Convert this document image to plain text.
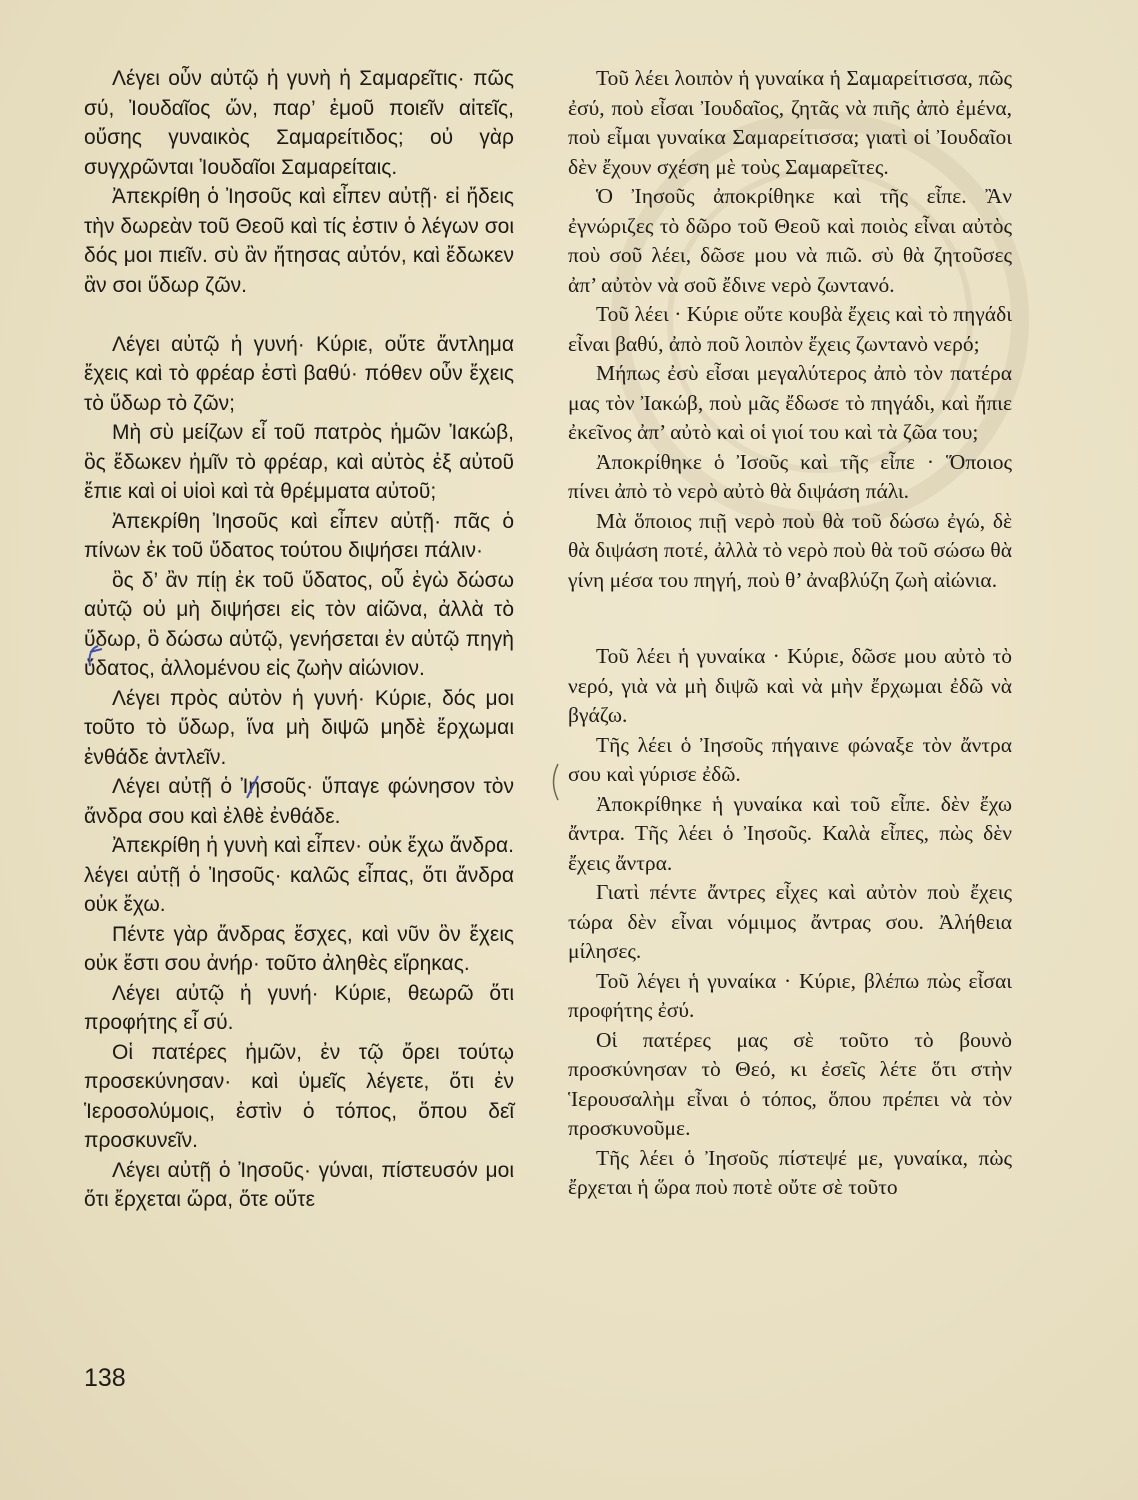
Λέγει οὖν αὐτῷ ἡ γυνὴ ἡ Σαμαρεῖτις· πῶς σύ, Ἰουδαῖος ὤν, παρ’ ἐμοῦ ποιεῖν αἰτεῖς, οὔσης γυναικὸς Σαμαρείτιδος; οὐ γὰρ συγχρῶνται Ἰουδαῖοι Σαμαρείταις.

Ἀπεκρίθη ὁ Ἰησοῦς καὶ εἶπεν αὐτῇ· εἰ ἤδεις τὴν δωρεὰν τοῦ Θεοῦ καὶ τίς ἐστιν ὁ λέγων σοι δός μοι πιεῖν. σὺ ἂν ἤτησας αὐτόν, καὶ ἔδωκεν ἂν σοι ὕδωρ ζῶν.

Λέγει αὐτῷ ἡ γυνή· Κύριε, οὔτε ἄντλημα ἔχεις καὶ τὸ φρέαρ ἐστὶ βαθύ· πόθεν οὖν ἔχεις τὸ ὕδωρ τὸ ζῶν;

Μὴ σὺ μείζων εἶ τοῦ πατρὸς ἡμῶν Ἰακώβ, ὃς ἔδωκεν ἡμῖν τὸ φρέαρ, καὶ αὐτὸς ἐξ αὐτοῦ ἔπιε καὶ οἱ υἱοὶ καὶ τὰ θρέμματα αὐτοῦ;

Ἀπεκρίθη Ἰησοῦς καὶ εἶπεν αὐτῇ· πᾶς ὁ πίνων ἐκ τοῦ ὕδατος τούτου διψήσει πάλιν·

ὃς δ’ ἂν πίῃ ἐκ τοῦ ὕδατος, οὗ ἐγὼ δώσω αὐτῷ οὐ μὴ διψήσει εἰς τὸν αἰῶνα, ἀλλὰ τὸ ὕδωρ, ὃ δώσω αὐτῷ, γενήσεται ἐν αὐτῷ πηγὴ ὕδατος, ἀλλομένου εἰς ζωὴν αἰώνιον.

Λέγει πρὸς αὐτὸν ἡ γυνή· Κύριε, δός μοι τοῦτο τὸ ὕδωρ, ἵνα μὴ διψῶ μηδὲ ἔρχωμαι ἐνθάδε ἀντλεῖν.

Λέγει αὐτῇ ὁ Ἰησοῦς· ὕπαγε φώνησον τὸν ἄνδρα σου καὶ ἐλθὲ ἐνθάδε.

Ἀπεκρίθη ἡ γυνὴ καὶ εἶπεν· οὐκ ἔχω ἄνδρα. λέγει αὐτῇ ὁ Ἰησοῦς· καλῶς εἶπας, ὅτι ἄνδρα οὐκ ἔχω.

Πέντε γὰρ ἄνδρας ἔσχες, καὶ νῦν ὃν ἔχεις οὐκ ἔστι σου ἀνήρ· τοῦτο ἀληθὲς εἴρηκας.

Λέγει αὐτῷ ἡ γυνή· Κύριε, θεωρῶ ὅτι προφήτης εἶ σύ.

Οἱ πατέρες ἡμῶν, ἐν τῷ ὄρει τούτῳ προσεκύνησαν· καὶ ὑμεῖς λέγετε, ὅτι ἐν Ἱεροσολύμοις, ἐστὶν ὁ τόπος, ὅπου δεῖ προσκυνεῖν.

Λέγει αὐτῇ ὁ Ἰησοῦς· γύναι, πίστευσόν μοι ὅτι ἔρχεται ὥρα, ὅτε οὔτε

Τοῦ λέει λοιπὸν ἡ γυναίκα ἡ Σαμαρείτισσα, πῶς ἐσύ, ποὺ εἶσαι Ἰουδαῖος, ζητᾶς νὰ πιῆς ἀπὸ ἐμένα, ποὺ εἶμαι γυναίκα Σαμαρείτισσα; γιατὶ οἱ Ἰουδαῖοι δὲν ἔχουν σχέση μὲ τοὺς Σαμαρεῖτες.

Ὁ Ἰησοῦς ἀποκρίθηκε καὶ τῆς εἶπε. Ἂν ἐγνώριζες τὸ δῶρο τοῦ Θεοῦ καὶ ποιὸς εἶναι αὐτὸς ποὺ σοῦ λέει, δῶσε μου νὰ πιῶ. σὺ θὰ ζητοῦσες ἀπ’ αὐτὸν νὰ σοῦ ἔδινε νερὸ ζωντανό.

Τοῦ λέει · Κύριε οὔτε κουβὰ ἔχεις καὶ τὸ πηγάδι εἶναι βαθύ, ἀπὸ ποῦ λοιπὸν ἔχεις ζωντανὸ νερό;

Μήπως ἐσὺ εἶσαι μεγαλύτερος ἀπὸ τὸν πατέρα μας τὸν Ἰακώβ, ποὺ μᾶς ἔδωσε τὸ πηγάδι, καὶ ἤπιε ἐκεῖνος ἀπ’ αὐτὸ καὶ οἱ γιοί του καὶ τὰ ζῶα του;

Ἀποκρίθηκε ὁ Ἰσοῦς καὶ τῆς εἶπε · Ὅποιος πίνει ἀπὸ τὸ νερὸ αὐτὸ θὰ διψάση πάλι.

Μὰ ὅποιος πιῇ νερὸ ποὺ θὰ τοῦ δώσω ἐγώ, δὲ θὰ διψάση ποτέ, ἀλλὰ τὸ νερὸ ποὺ θὰ τοῦ σώσω θὰ γίνη μέσα του πηγή, ποὺ θ’ ἀναβλύζη ζωὴ αἰώνια.

Τοῦ λέει ἡ γυναίκα · Κύριε, δῶσε μου αὐτὸ τὸ νερό, γιὰ νὰ μὴ διψῶ καὶ νὰ μὴν ἔρχωμαι ἐδῶ νὰ βγάζω.

Τῆς λέει ὁ Ἰησοῦς πήγαινε φώναξε τὸν ἄντρα σου καὶ γύρισε ἐδῶ.

Ἀποκρίθηκε ἡ γυναίκα καὶ τοῦ εἶπε. δὲν ἔχω ἄντρα. Τῆς λέει ὁ Ἰησοῦς. Καλὰ εἶπες, πὼς δὲν ἔχεις ἄντρα.

Γιατὶ πέντε ἄντρες εἶχες καὶ αὐτὸν ποὺ ἔχεις τώρα δὲν εἶναι νόμιμος ἄντρας σου. Ἀλήθεια μίλησες.

Τοῦ λέγει ἡ γυναίκα · Κύριε, βλέπω πὼς εἶσαι προφήτης ἐσύ.

Οἱ πατέρες μας σὲ τοῦτο τὸ βουνὸ προσκύνησαν τὸ Θεό, κι ἐσεῖς λέτε ὅτι στὴν Ἱερουσαλὴμ εἶναι ὁ τόπος, ὅπου πρέπει νὰ τὸν προσκυνοῦμε.

Τῆς λέει ὁ Ἰησοῦς πίστεψέ με, γυναίκα, πὼς ἔρχεται ἡ ὥρα ποὺ ποτὲ οὔτε σὲ τοῦτο

138
